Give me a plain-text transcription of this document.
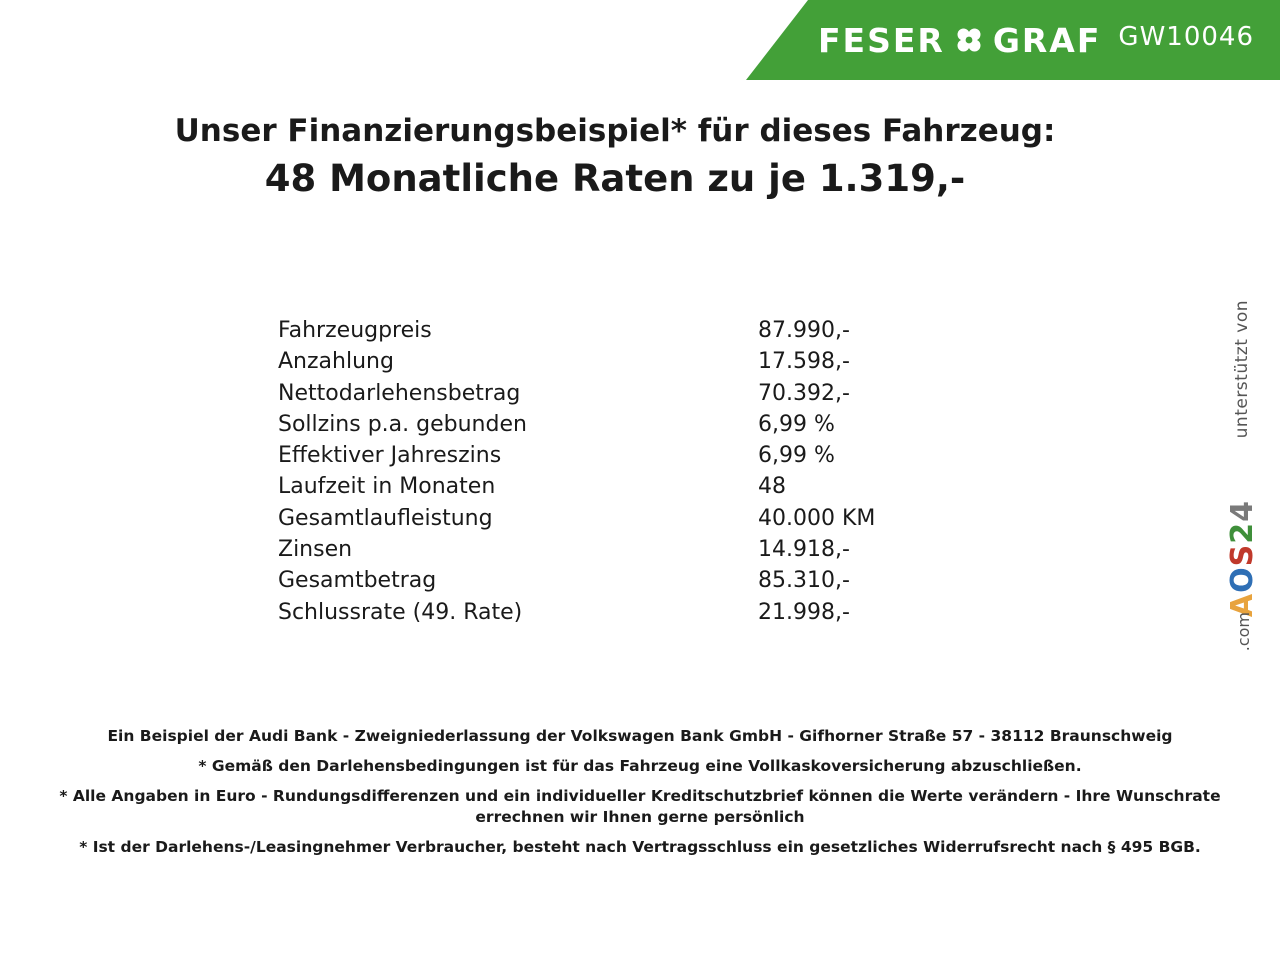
FESER GRAF GW10046
Unser Finanzierungsbeispiel* für dieses Fahrzeug:
48 Monatliche Raten zu je 1.319,-
Fahrzeugpreis	87.990,-
Anzahlung	17.598,-
Nettodarlehensbetrag	70.392,-
Sollzins p.a. gebunden	6,99 %
Effektiver Jahreszins	6,99 %
Laufzeit in Monaten	48
Gesamtlaufleistung	40.000 KM
Zinsen	14.918,-
Gesamtbetrag	85.310,-
Schlussrate (49. Rate)	21.998,-
unterstützt von
AOS24
.com

Ein Beispiel der Audi Bank - Zweigniederlassung der Volkswagen Bank GmbH - Gifhorner Straße 57 - 38112 Braunschweig

* Gemäß den Darlehensbedingungen ist für das Fahrzeug eine Vollkaskoversicherung abzuschließen.

* Alle Angaben in Euro - Rundungsdifferenzen und ein individueller Kreditschutzbrief können die Werte verändern - Ihre Wunschrate errechnen wir Ihnen gerne persönlich

* Ist der Darlehens-/Leasingnehmer Verbraucher, besteht nach Vertragsschluss ein gesetzliches Widerrufsrecht nach § 495 BGB.
